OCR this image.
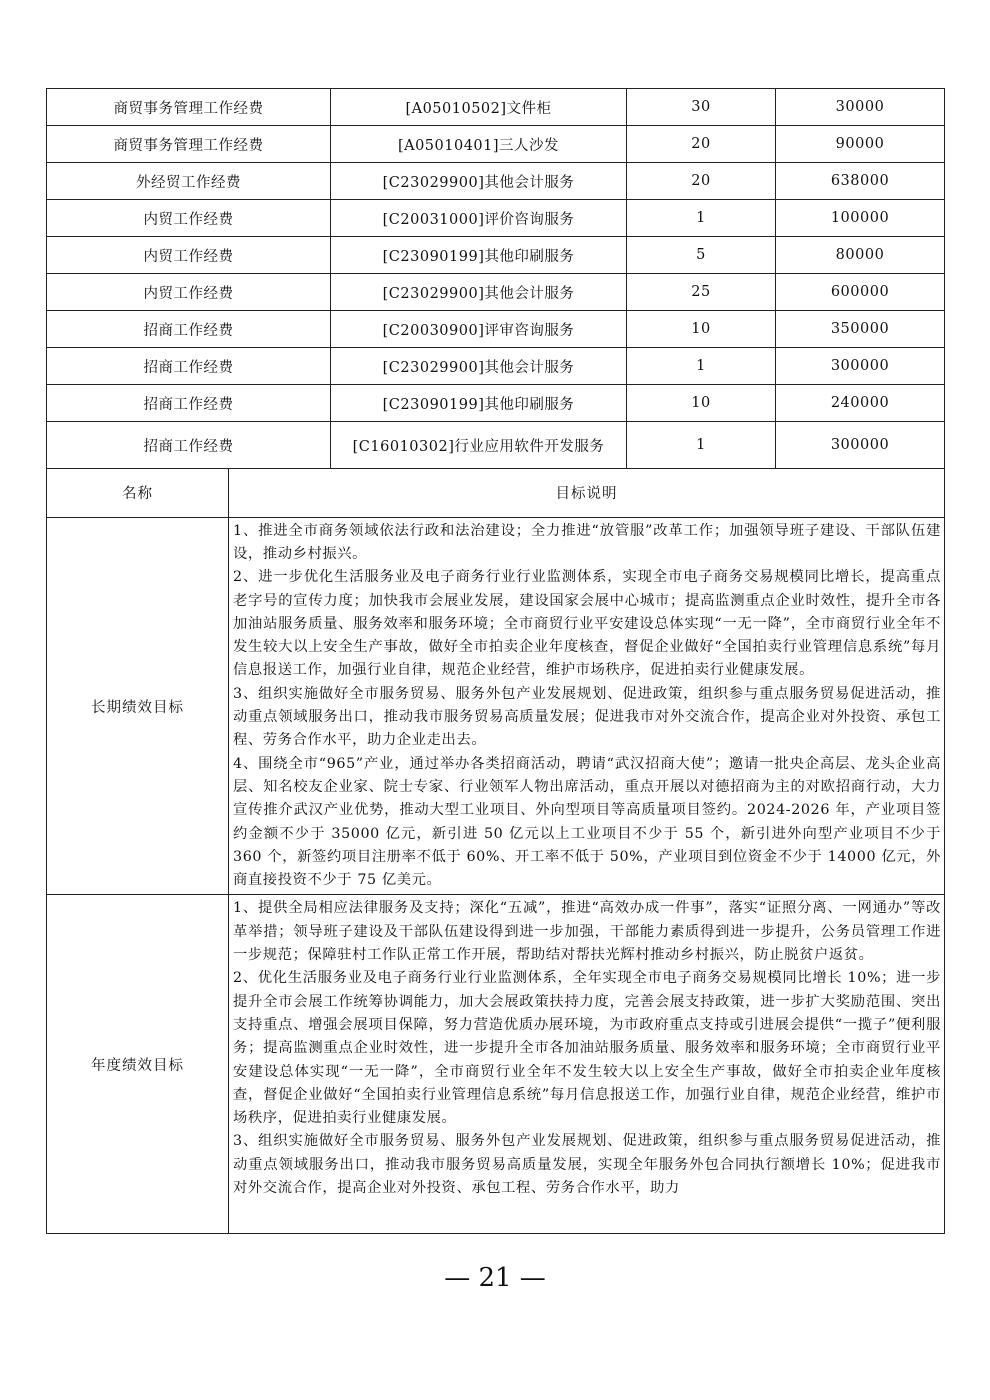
商贸事务管理工作经费	[A05010502]文件柜	30	30000
商贸事务管理工作经费	[A05010401]三人沙发	20	90000
外经贸工作经费	[C23029900]其他会计服务	20	638000
内贸工作经费	[C20031000]评价咨询服务	1	100000
内贸工作经费	[C23090199]其他印刷服务	5	80000
内贸工作经费	[C23029900]其他会计服务	25	600000
招商工作经费	[C20030900]评审咨询服务	10	350000
招商工作经费	[C23029900]其他会计服务	1	300000
招商工作经费	[C23090199]其他印刷服务	10	240000
招商工作经费	[C16010302]行业应用软件开发服务	1	300000
名称	目标说明
长期绩效目标	1、推进全市商务领域依法行政和法治建设；全力推进“放管服”改革工作；加强领导班子建设、干部队伍建设，推动乡村振兴。

2、进一步优化生活服务业及电子商务行业行业监测体系，实现全市电子商务交易规模同比增长，提高重点老字号的宣传力度；加快我市会展业发展，建设国家会展中心城市；提高监测重点企业时效性，提升全市各加油站服务质量、服务效率和服务环境；全市商贸行业平安建设总体实现“一无一降”，全市商贸行业全年不发生较大以上安全生产事故，做好全市拍卖企业年度核查，督促企业做好“全国拍卖行业管理信息系统”每月信息报送工作，加强行业自律，规范企业经营，维护市场秩序，促进拍卖行业健康发展。

3、组织实施做好全市服务贸易、服务外包产业发展规划、促进政策，组织参与重点服务贸易促进活动，推动重点领域服务出口，推动我市服务贸易高质量发展；促进我市对外交流合作，提高企业对外投资、承包工程、劳务合作水平，助力企业走出去。

4、围绕全市“965”产业，通过举办各类招商活动，聘请“武汉招商大使”；邀请一批央企高层、龙头企业高层、知名校友企业家、院士专家、行业领军人物出席活动，重点开展以对德招商为主的对欧招商行动，大力宣传推介武汉产业优势，推动大型工业项目、外向型项目等高质量项目签约。2024-2026 年，产业项目签约金额不少于 35000 亿元，新引进 50 亿元以上工业项目不少于 55 个，新引进外向型产业项目不少于 360 个，新签约项目注册率不低于 60%、开工率不低于 50%，产业项目到位资金不少于 14000 亿元，外商直接投资不少于 75 亿美元。

年度绩效目标	1、提供全局相应法律服务及支持；深化“五减”，推进“高效办成一件事”，落实“证照分离、一网通办”等改革举措；领导班子建设及干部队伍建设得到进一步加强，干部能力素质得到进一步提升，公务员管理工作进一步规范；保障驻村工作队正常工作开展，帮助结对帮扶光辉村推动乡村振兴，防止脱贫户返贫。

2、优化生活服务业及电子商务行业行业监测体系，全年实现全市电子商务交易规模同比增长 10%；进一步提升全市会展工作统筹协调能力，加大会展政策扶持力度，完善会展支持政策，进一步扩大奖励范围、突出支持重点、增强会展项目保障，努力营造优质办展环境，为市政府重点支持或引进展会提供“一揽子”便利服务；提高监测重点企业时效性，进一步提升全市各加油站服务质量、服务效率和服务环境；全市商贸行业平安建设总体实现“一无一降”，全市商贸行业全年不发生较大以上安全生产事故，做好全市拍卖企业年度核查，督促企业做好“全国拍卖行业管理信息系统”每月信息报送工作，加强行业自律，规范企业经营，维护市场秩序，促进拍卖行业健康发展。

3、组织实施做好全市服务贸易、服务外包产业发展规划、促进政策，组织参与重点服务贸易促进活动，推动重点领域服务出口，推动我市服务贸易高质量发展，实现全年服务外包合同执行额增长 10%；促进我市对外交流合作，提高企业对外投资、承包工程、劳务合作水平，助力

— 21 —
